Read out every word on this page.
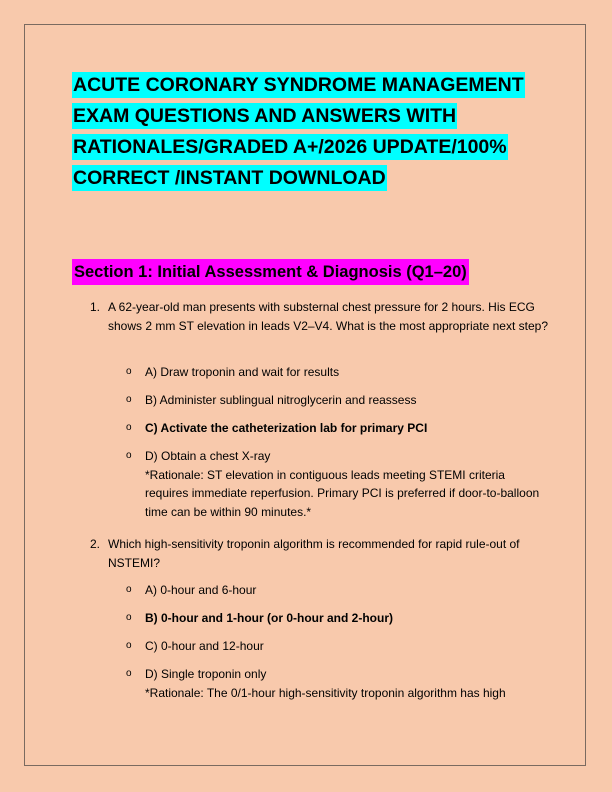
ACUTE CORONARY SYNDROME MANAGEMENT
EXAM QUESTIONS AND ANSWERS WITH
RATIONALES/GRADED A+/2026 UPDATE/100%
CORRECT /INSTANT DOWNLOAD
Section 1: Initial Assessment & Diagnosis (Q1–20)
1. A 62-year-old man presents with substernal chest pressure for 2 hours. His ECG shows 2 mm ST elevation in leads V2–V4. What is the most appropriate next step?
o A) Draw troponin and wait for results
o B) Administer sublingual nitroglycerin and reassess
o C) Activate the catheterization lab for primary PCI
o D) Obtain a chest X-ray
*Rationale: ST elevation in contiguous leads meeting STEMI criteria requires immediate reperfusion. Primary PCI is preferred if door-to-balloon time can be within 90 minutes.*
2. Which high-sensitivity troponin algorithm is recommended for rapid rule-out of NSTEMI?
o A) 0-hour and 6-hour
o B) 0-hour and 1-hour (or 0-hour and 2-hour)
o C) 0-hour and 12-hour
o D) Single troponin only
*Rationale: The 0/1-hour high-sensitivity troponin algorithm has high
